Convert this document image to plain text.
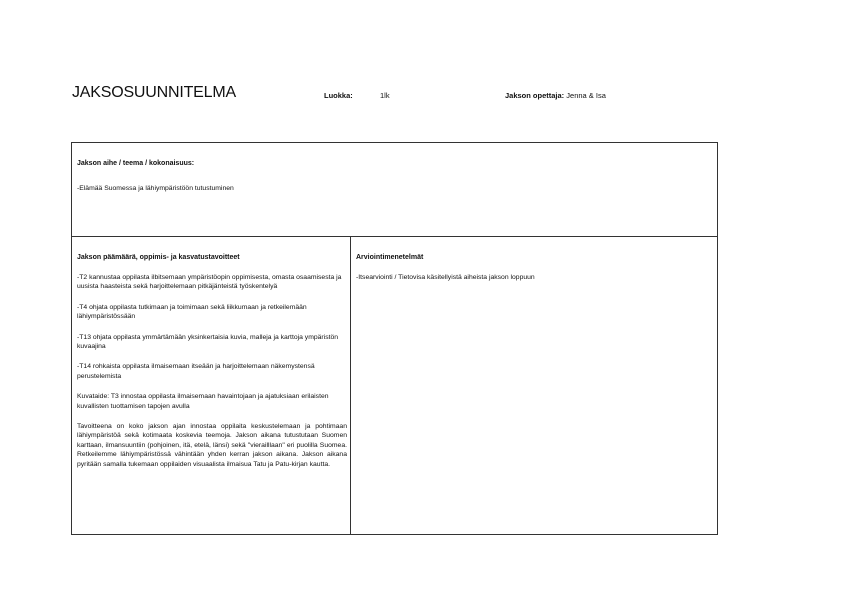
JAKSOSUUNNITELMA	Luokka:	1lk	Jakson opettaja: Jenna & Isa

Jakson aihe / teema / kokonaisuus:

-Elämää Suomessa ja lähiympäristöön tutustuminen

Jakson päämäärä, oppimis- ja kasvatustavoitteet

-T2 kannustaa oppilasta ilbitsemaan ympäristöopin oppimisesta, omasta osaamisesta ja uusista haasteista sekä harjoittelemaan pitkäjänteistä työskentelyä

-T4 ohjata oppilasta tutkimaan ja toimimaan sekä liikkumaan ja retkeilemään lähiympäristössään

-T13 ohjata oppilasta ymmärtämään yksinkertaisia kuvia, malleja ja karttoja ympäristön kuvaajina

-T14 rohkaista oppilasta ilmaisemaan itseään ja harjoittelemaan näkemystensä perustelemista

Kuvataide: T3 innostaa oppilasta ilmaisemaan havaintojaan ja ajatuksiaan erilaisten kuvallisten tuottamisen tapojen avulla

Tavoitteena on koko jakson ajan innostaa oppilaita keskustelemaan ja pohtimaan lähiympäristöä sekä kotimaata koskevia teemoja. Jakson aikana tutustutaan Suomen karttaan, ilmansuuntiin (pohjoinen, itä, etelä, länsi) sekä "vierailllaan" eri puolilla Suomea. Retkeilemme lähiympäristössä vähintään yhden kerran jakson aikana. Jakson aikana pyritään samalla tukemaan oppilaiden visuaalista ilmaisua Tatu ja Patu-kirjan kautta.

Arviointimenetelmät

-Itsearviointi / Tietovisa käsitellyistä aiheista jakson loppuun
